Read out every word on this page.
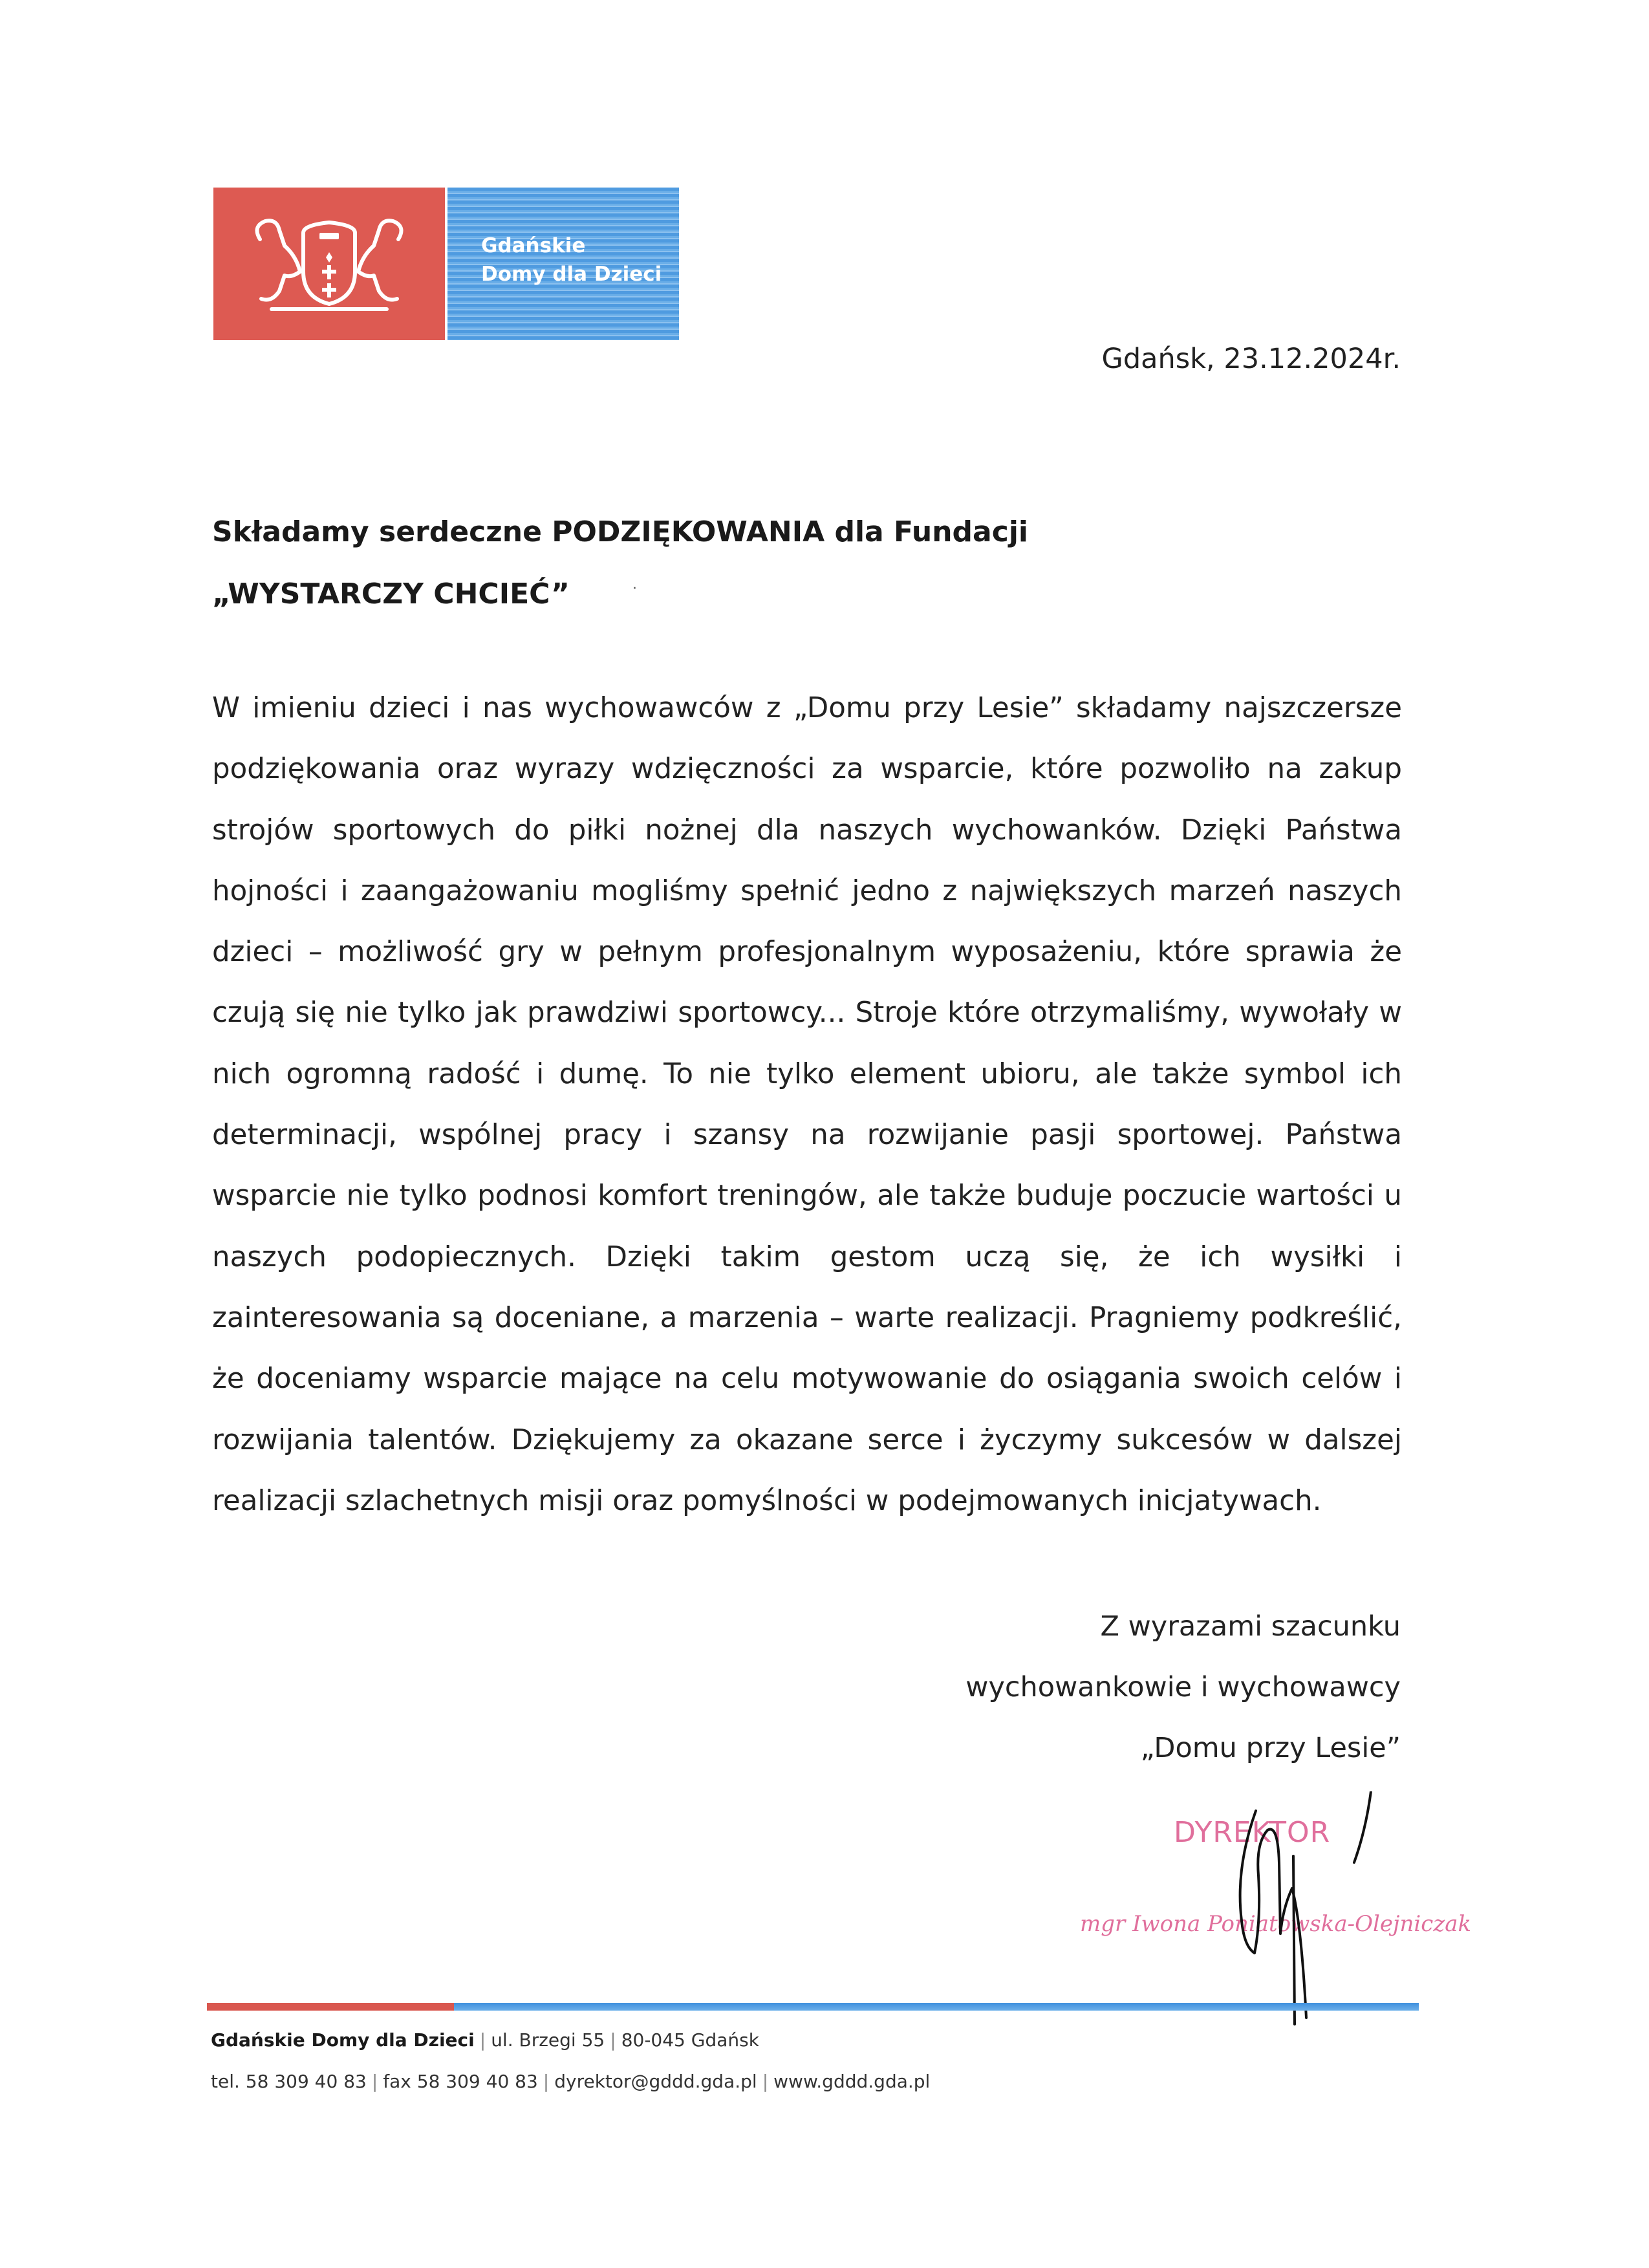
Gdańskie
Domy dla Dzieci
Gdańsk, 23.12.2024r.
Składamy serdeczne PODZIĘKOWANIA dla Fundacji
„WYSTARCZY CHCIEĆ”	·

W imieniu dzieci i nas wychowawców z „Domu przy Lesie” składamy najszczersze podziękowania oraz wyrazy wdzięczności za wsparcie, które pozwoliło na zakup strojów sportowych do piłki nożnej dla naszych wychowanków. Dzięki Państwa hojności i zaangażowaniu mogliśmy spełnić jedno z największych marzeń naszych dzieci – możliwość gry w pełnym profesjonalnym wyposażeniu, które sprawia że czują się nie tylko jak prawdziwi sportowcy... Stroje które otrzymaliśmy, wywołały w nich ogromną radość i dumę. To nie tylko element ubioru, ale także symbol ich determinacji, wspólnej pracy i szansy na rozwijanie pasji sportowej. Państwa wsparcie nie tylko podnosi komfort treningów, ale także buduje poczucie wartości u naszych podopiecznych. Dzięki takim gestom uczą się, że ich wysiłki i zainteresowania są doceniane, a marzenia – warte realizacji. Pragniemy podkreślić, że doceniamy wsparcie mające na celu motywowanie do osiągania swoich celów i rozwijania talentów. Dziękujemy za okazane serce i życzymy sukcesów w dalszej realizacji szlachetnych misji oraz pomyślności w podejmowanych inicjatywach.

Z wyrazami szacunku
wychowankowie i wychowawcy
„Domu przy Lesie”
DYREKTOR
mgr Iwona Poniatowska-Olejniczak
Gdańskie Domy dla Dzieci | ul. Brzegi 55 | 80-045 Gdańsk
tel. 58 309 40 83 | fax 58 309 40 83 | dyrektor@gddd.gda.pl | www.gddd.gda.pl
